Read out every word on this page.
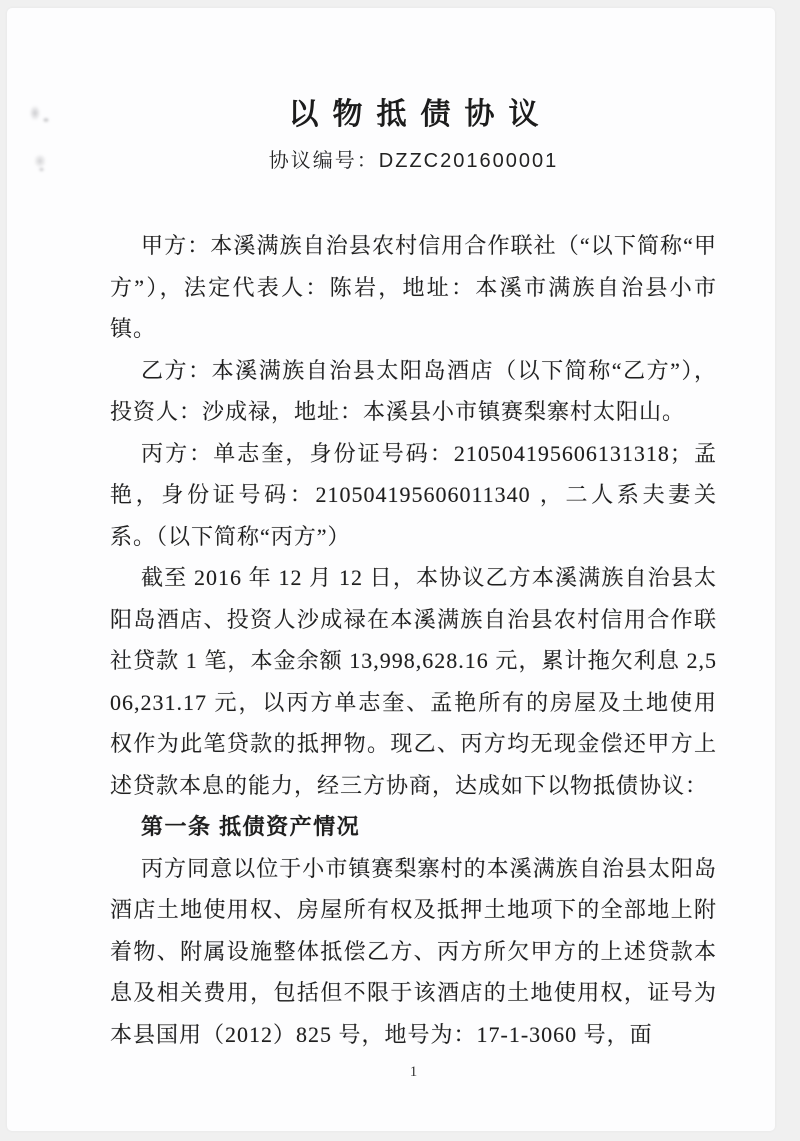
以物抵债协议
协议编号：DZZC201600001

甲方：本溪满族自治县农村信用合作联社（“以下简称“甲方”），法定代表人：陈岩，地址：本溪市满族自治县小市镇。

乙方：本溪满族自治县太阳岛酒店（以下简称“乙方”），投资人：沙成禄，地址：本溪县小市镇赛梨寨村太阳山。

丙方：单志奎，身份证号码：210504195606131318；孟艳，身份证号码：210504195606011340 ，二人系夫妻关系。（以下简称“丙方”）

截至 2016 年 12 月 12 日，本协议乙方本溪满族自治县太阳岛酒店、投资人沙成禄在本溪满族自治县农村信用合作联社贷款 1 笔，本金余额 13,998,628.16 元，累计拖欠利息 2,506,231.17 元，以丙方单志奎、孟艳所有的房屋及土地使用权作为此笔贷款的抵押物。现乙、丙方均无现金偿还甲方上述贷款本息的能力，经三方协商，达成如下以物抵债协议：

第一条 抵债资产情况

丙方同意以位于小市镇赛梨寨村的本溪满族自治县太阳岛酒店土地使用权、房屋所有权及抵押土地项下的全部地上附着物、附属设施整体抵偿乙方、丙方所欠甲方的上述贷款本息及相关费用，包括但不限于该酒店的土地使用权，证号为本县国用（2012）825 号，地号为：17-1-3060 号，面

1
